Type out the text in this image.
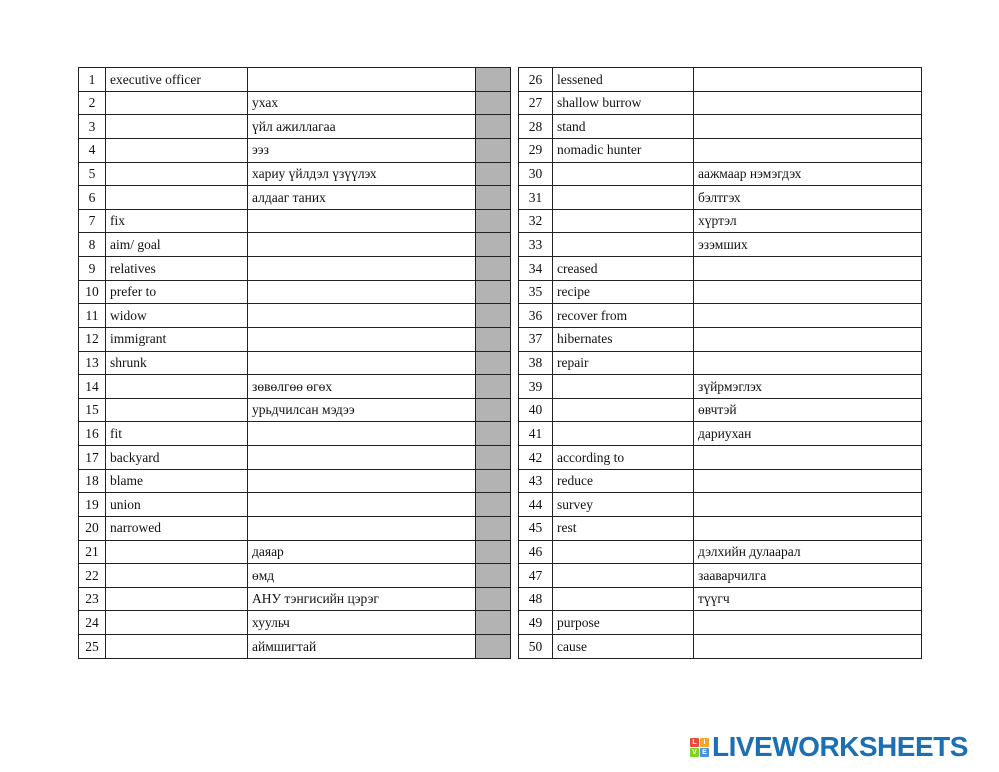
1	executive officer				26	lessened	
2		ухах			27	shallow burrow	
3		үйл ажиллагаа			28	stand	
4		ээз			29	nomadic hunter	
5		хариу үйлдэл үзүүлэх			30		аажмаар нэмэгдэх
6		алдааг таних			31		бэлтгэх
7	fix				32		хүртэл
8	aim/ goal				33		эзэмших
9	relatives				34	creased	
10	prefer to				35	recipe	
11	widow				36	recover from	
12	immigrant				37	hibernates	
13	shrunk				38	repair	
14		зөвөлгөө өгөх			39		зүйрмэглэх
15		урьдчилсан мэдээ			40		өвчтэй
16	fit				41		дариухан
17	backyard				42	according to	
18	blame				43	reduce	
19	union				44	survey	
20	narrowed				45	rest	
21		даяар			46		дэлхийн дулаарал
22		өмд			47		зааварчилга
23		АНУ тэнгисийн цэрэг			48		түүгч
24		хуульч			49	purpose	
25		аймшигтай			50	cause	
L I
V E LIVEWORKSHEETS
